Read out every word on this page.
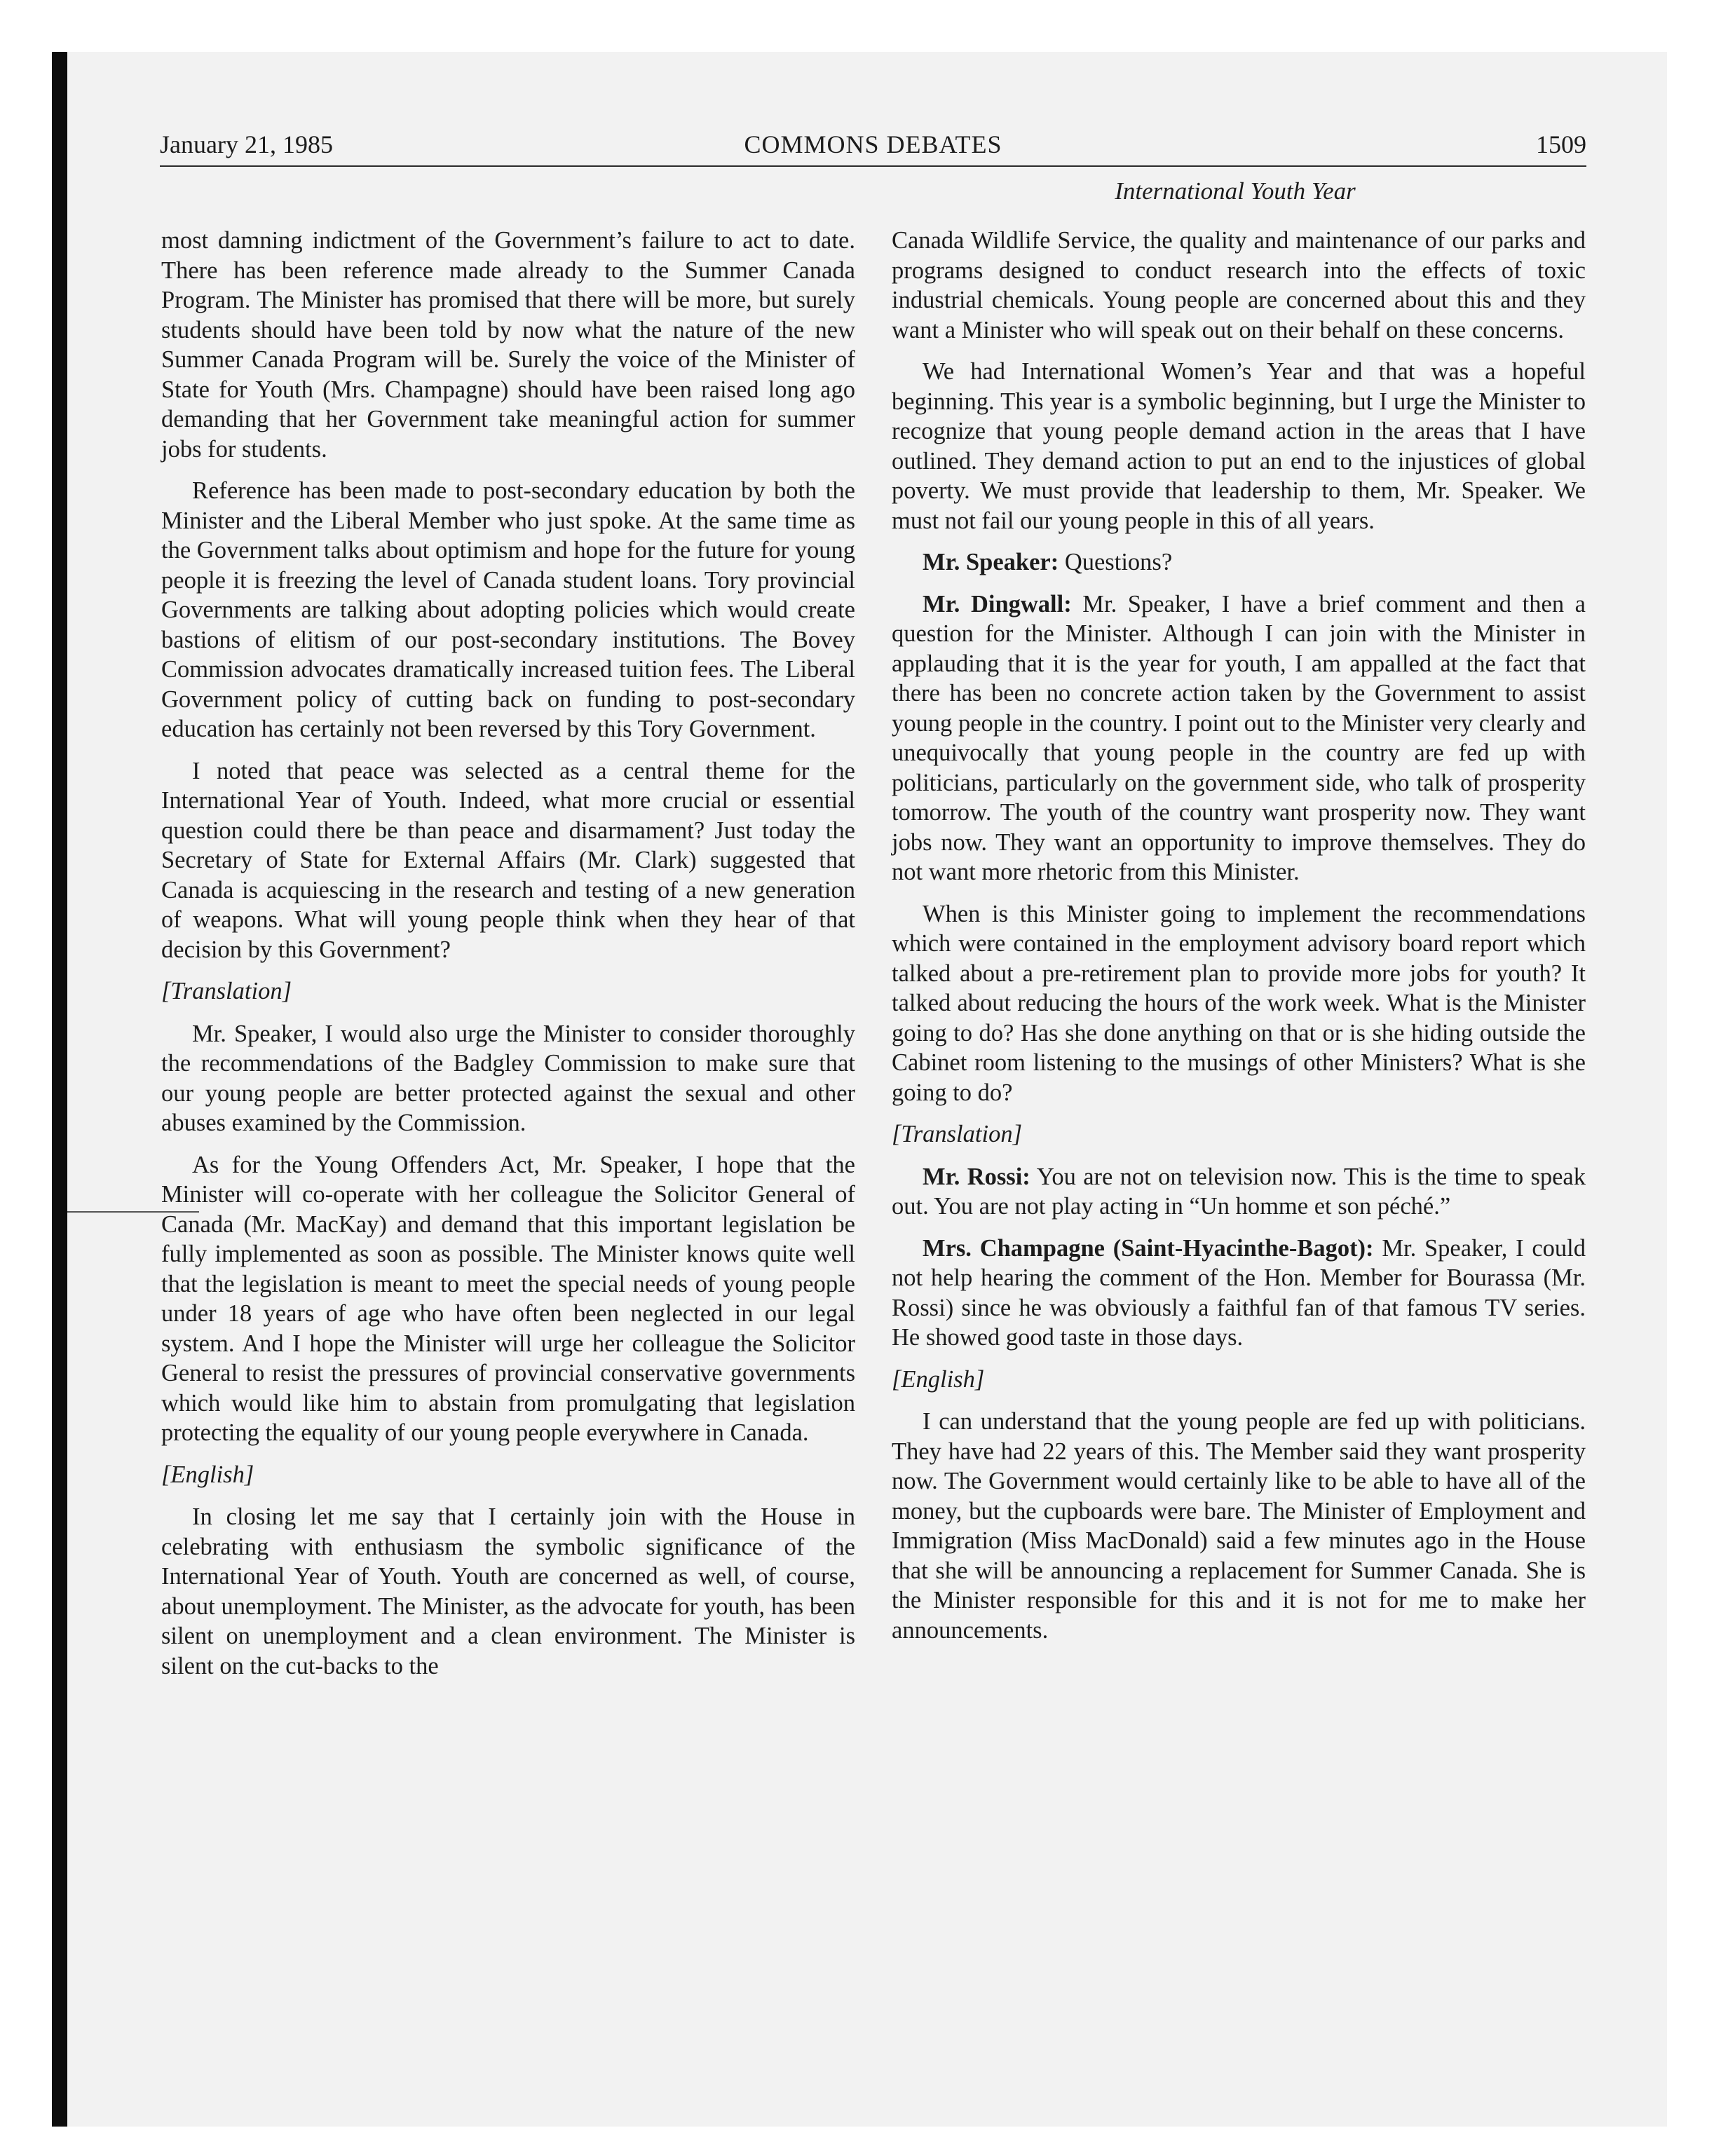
January 21, 1985	COMMONS DEBATES	1509
International Youth Year

most damning indictment of the Government’s failure to act to date. There has been reference made already to the Summer Canada Program. The Minister has promised that there will be more, but surely students should have been told by now what the nature of the new Summer Canada Program will be. Surely the voice of the Minister of State for Youth (Mrs. Champagne) should have been raised long ago demanding that her Government take meaningful action for summer jobs for students.

Reference has been made to post-secondary education by both the Minister and the Liberal Member who just spoke. At the same time as the Government talks about optimism and hope for the future for young people it is freezing the level of Canada student loans. Tory provincial Governments are talking about adopting policies which would create bastions of elitism of our post-secondary institutions. The Bovey Commission advocates dramatically increased tuition fees. The Liberal Government policy of cutting back on funding to post-secondary education has certainly not been reversed by this Tory Government.

I noted that peace was selected as a central theme for the International Year of Youth. Indeed, what more crucial or essential question could there be than peace and disarmament? Just today the Secretary of State for External Affairs (Mr. Clark) suggested that Canada is acquiescing in the research and testing of a new generation of weapons. What will young people think when they hear of that decision by this Government?

[Translation]

Mr. Speaker, I would also urge the Minister to consider thoroughly the recommendations of the Badgley Commission to make sure that our young people are better protected against the sexual and other abuses examined by the Commission.

As for the Young Offenders Act, Mr. Speaker, I hope that the Minister will co-operate with her colleague the Solicitor General of Canada (Mr. MacKay) and demand that this important legislation be fully implemented as soon as possible. The Minister knows quite well that the legislation is meant to meet the special needs of young people under 18 years of age who have often been neglected in our legal system. And I hope the Minister will urge her colleague the Solicitor General to resist the pressures of provincial conservative governments which would like him to abstain from promulgating that legislation protecting the equality of our young people everywhere in Canada.

[English]

In closing let me say that I certainly join with the House in celebrating with enthusiasm the symbolic significance of the International Year of Youth. Youth are concerned as well, of course, about unemployment. The Minister, as the advocate for youth, has been silent on unemployment and a clean environment. The Minister is silent on the cut-backs to the

Canada Wildlife Service, the quality and maintenance of our parks and programs designed to conduct research into the effects of toxic industrial chemicals. Young people are concerned about this and they want a Minister who will speak out on their behalf on these concerns.

We had International Women’s Year and that was a hopeful beginning. This year is a symbolic beginning, but I urge the Minister to recognize that young people demand action in the areas that I have outlined. They demand action to put an end to the injustices of global poverty. We must provide that leadership to them, Mr. Speaker. We must not fail our young people in this of all years.

Mr. Speaker: Questions?

Mr. Dingwall: Mr. Speaker, I have a brief comment and then a question for the Minister. Although I can join with the Minister in applauding that it is the year for youth, I am appalled at the fact that there has been no concrete action taken by the Government to assist young people in the country. I point out to the Minister very clearly and unequivocally that young people in the country are fed up with politicians, particularly on the government side, who talk of prosperity tomorrow. The youth of the country want prosperity now. They want jobs now. They want an opportunity to improve themselves. They do not want more rhetoric from this Minister.

When is this Minister going to implement the recommendations which were contained in the employment advisory board report which talked about a pre-retirement plan to provide more jobs for youth? It talked about reducing the hours of the work week. What is the Minister going to do? Has she done anything on that or is she hiding outside the Cabinet room listening to the musings of other Ministers? What is she going to do?

[Translation]

Mr. Rossi: You are not on television now. This is the time to speak out. You are not play acting in “Un homme et son péché.”

Mrs. Champagne (Saint-Hyacinthe-Bagot): Mr. Speaker, I could not help hearing the comment of the Hon. Member for Bourassa (Mr. Rossi) since he was obviously a faithful fan of that famous TV series. He showed good taste in those days.

[English]

I can understand that the young people are fed up with politicians. They have had 22 years of this. The Member said they want prosperity now. The Government would certainly like to be able to have all of the money, but the cupboards were bare. The Minister of Employment and Immigration (Miss MacDonald) said a few minutes ago in the House that she will be announcing a replacement for Summer Canada. She is the Minister responsible for this and it is not for me to make her announcements.
